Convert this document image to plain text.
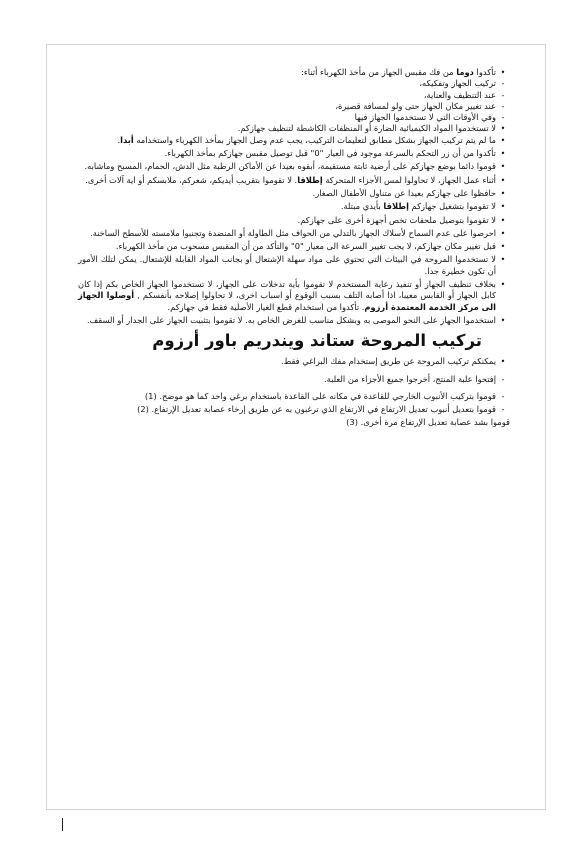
•
تأكدوا دوما من فك مقبس الجهاز من مأخذ الكهرباء أثناء:
-
تركيب الجهاز وتفكيكه،
-
عند التنظيف والعناية،
-
عند تغيير مكان الجهاز حتى ولو لمسافة قصيرة،
-
وفي الأوقات التي لا تستخدموا الجهاز فيها
•
لا تستخدموا المواد الكيميائية الضارة أو المنظفات الكاشطة لتنظيف جهازكم.
•
ما لم يتم تركيب الجهاز بشكل مطابق لتعليمات التركيب، يجب عدم وصل الجهاز بمأخذ الكهرباء واستخدامه أبدا.
•
تأكدوا من أن زر التحكم بالسرعة موجود في العيار "0" قبل توصيل مقبس جهازكم بمأخذ الكهرباء.
•
قوموا دائما بوضع جهازكم على أرضية ثابتة مستقيمة، أبقوه بعيدا عن الأماكن الرطبة مثل الدش، الحمام، المسبح وماشابه.
•
أثناء عمل الجهاز، لا تحاولوا لمس الأجزاء المتحركة إطلاقا. لا تقوموا بتقريب أيديكم، شعركم، ملابسكم أو اية آلات أخرى.
•
حافظوا على جهازكم بعيدا عن متناول الأطفال الصغار.
•
لا تقوموا بتشغيل جهازكم إطلاقا بأيدي مبتلة.
•
لا تقوموا بتوصيل ملحقات تخص أجهزة أخرى على جهازكم.
•
احرصوا على عدم السماح لأسلاك الجهاز بالتدلي من الحواف مثل الطاولة أو المنضدة وتجنبوا ملامسته للأسطح الساخنة.
•
قبل تغيير مكان جهازكم، لا يجب تغيير السرعة الى معيار "0" والتأكد من أن المقبس مسحوب من مأخذ الكهرباء.
•
لا تستخدموا المروحة في البيئات التي تحتوي على مواد سهلة الإشتعال أو بجانب المواد القابلة للإشتعال. يمكن لتلك الأمور أن تكون خطيرة جدا.
•
بخلاف تنظيف الجهاز أو تنفيذ رعاية المستخدم لا تقوموا بأية تدخلات على الجهاز، لا تستخدموا الجهاز الخاص بكم إذا كان كابل الجهاز أو القابس معيبا، اذا أصابه التلف بسبب الوقوع أو اسباب اخرى، لا تحاولوا إصلاحه بأنفسكم , أوصلوا الجهاز الى مركز الخدمة المعتمدة أرزوم. تأكدوا من استخدام قطع الغيار الأصلية فقط في جهازكم.
•
استخدموا الجهاز على النحو الموصى به وبشكل مناسب للغرض الخاص به. لا تقوموا بتثبيت الجهاز على الجدار أو السقف.
تركيب المروحة ستاند ويندريم باور أرزوم
•
يمكنكم تركيب المروحة عن طريق إستخدام مفك البراغي فقط.
-
إفتحوا علبة المنتج، أخرجوا جميع الأجزاء من العلبة.
-
قوموا بتركيب الأنبوب الخارجي للقاعدة في مكانه على القاعدة باستخدام برغي واحد كما هو موضح. (1)
-
قوموا بتعديل أنبوب تعديل الارتفاع في الارتفاع الذي ترغبون به عن طريق إرخاء عصابة تعديل الإرتفاع. (2)
قوموا بشد عصابة تعديل الإرتفاع مرة أخرى. (3)
